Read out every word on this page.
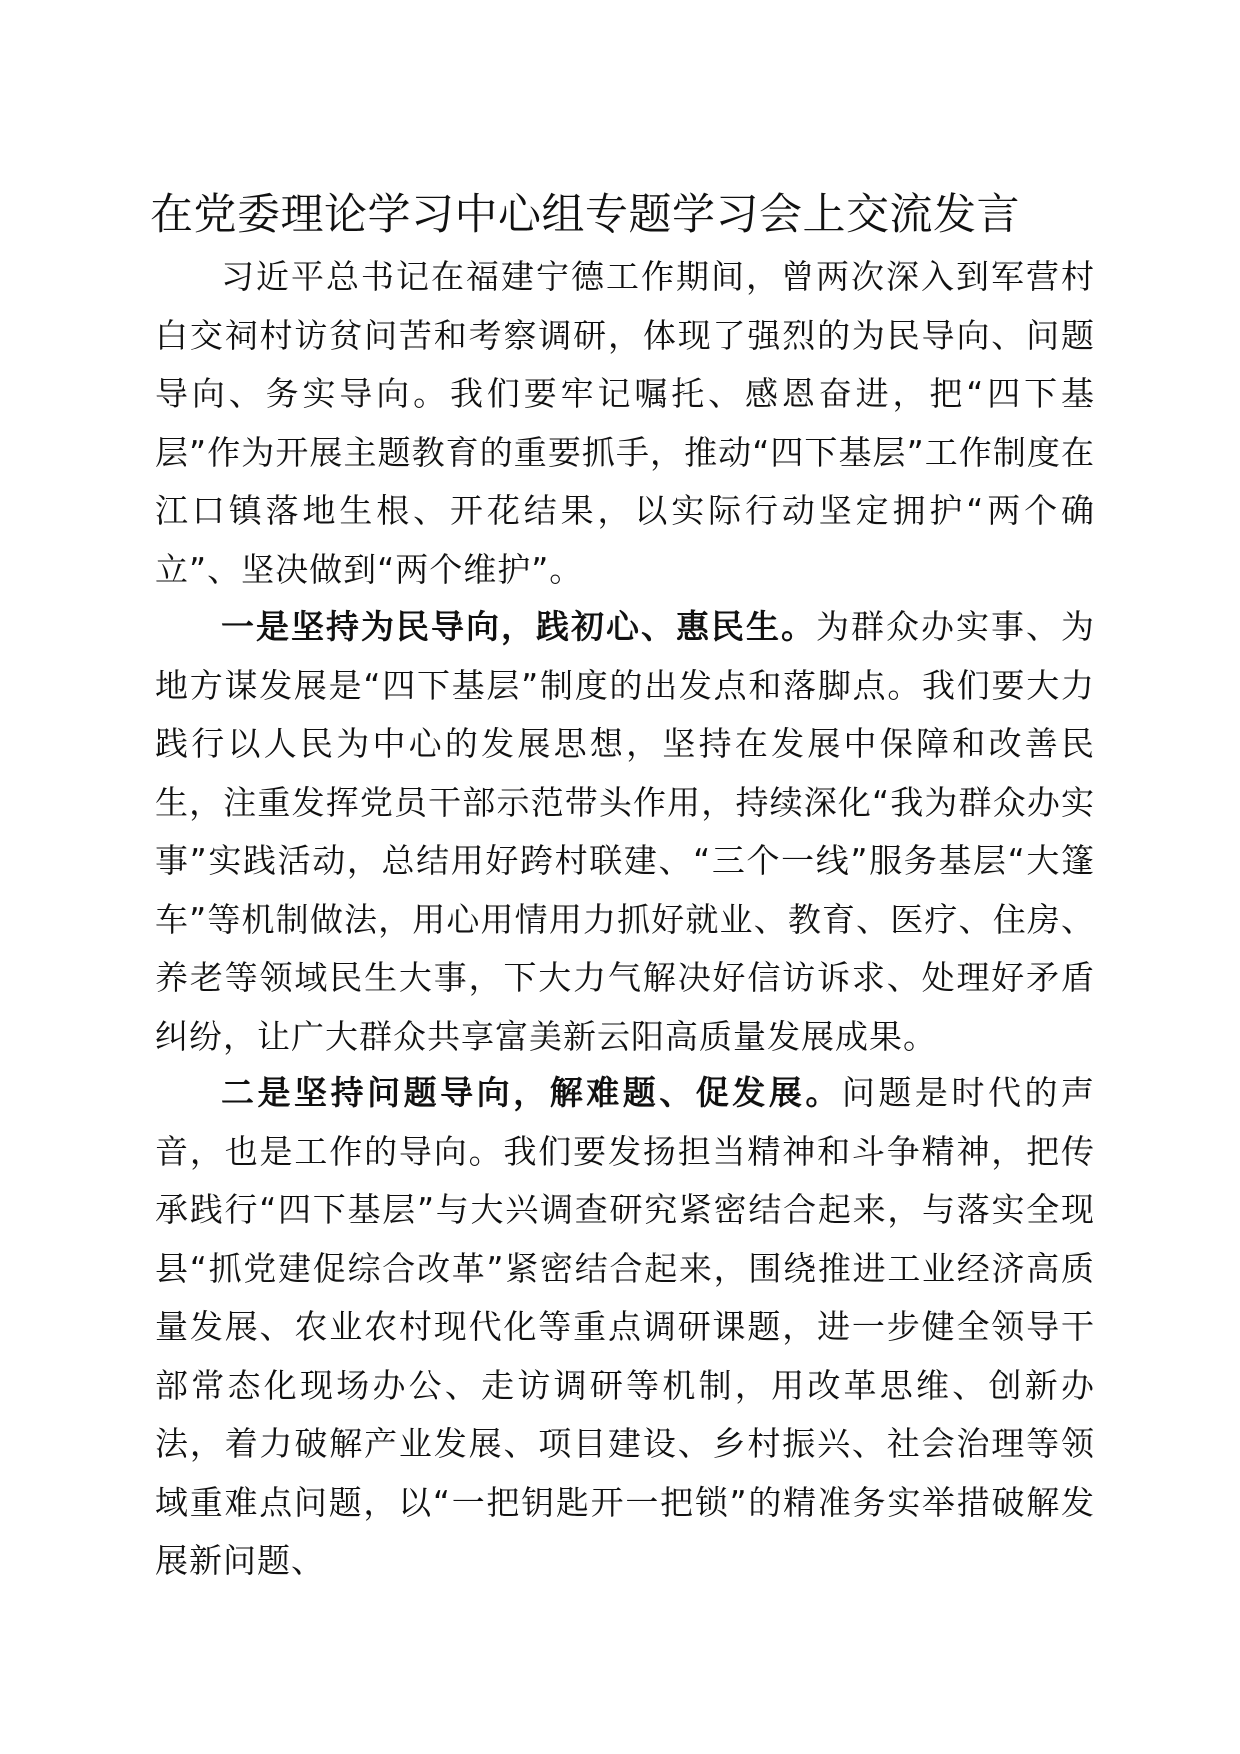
在党委理论学习中心组专题学习会上交流发言

习近平总书记在福建宁德工作期间，曾两次深入到军营村白交祠村访贫问苦和考察调研，体现了强烈的为民导向、问题导向、务实导向。我们要牢记嘱托、感恩奋进，把“四下基层”作为开展主题教育的重要抓手，推动“四下基层”工作制度在江口镇落地生根、开花结果，以实际行动坚定拥护“两个确立”、坚决做到“两个维护”。

一是坚持为民导向，践初心、惠民生。为群众办实事、为地方谋发展是“四下基层”制度的出发点和落脚点。我们要大力践行以人民为中心的发展思想，坚持在发展中保障和改善民生，注重发挥党员干部示范带头作用，持续深化“我为群众办实事”实践活动，总结用好跨村联建、“三个一线”服务基层“大篷车”等机制做法，用心用情用力抓好就业、教育、医疗、住房、养老等领域民生大事，下大力气解决好信访诉求、处理好矛盾纠纷，让广大群众共享富美新云阳高质量发展成果。

二是坚持问题导向，解难题、促发展。问题是时代的声音，也是工作的导向。我们要发扬担当精神和斗争精神，把传承践行“四下基层”与大兴调查研究紧密结合起来，与落实全现县“抓党建促综合改革”紧密结合起来，围绕推进工业经济高质量发展、农业农村现代化等重点调研课题，进一步健全领导干部常态化现场办公、走访调研等机制，用改革思维、创新办法，着力破解产业发展、项目建设、乡村振兴、社会治理等领域重难点问题，以“一把钥匙开一把锁”的精准务实举措破解发展新问题、
